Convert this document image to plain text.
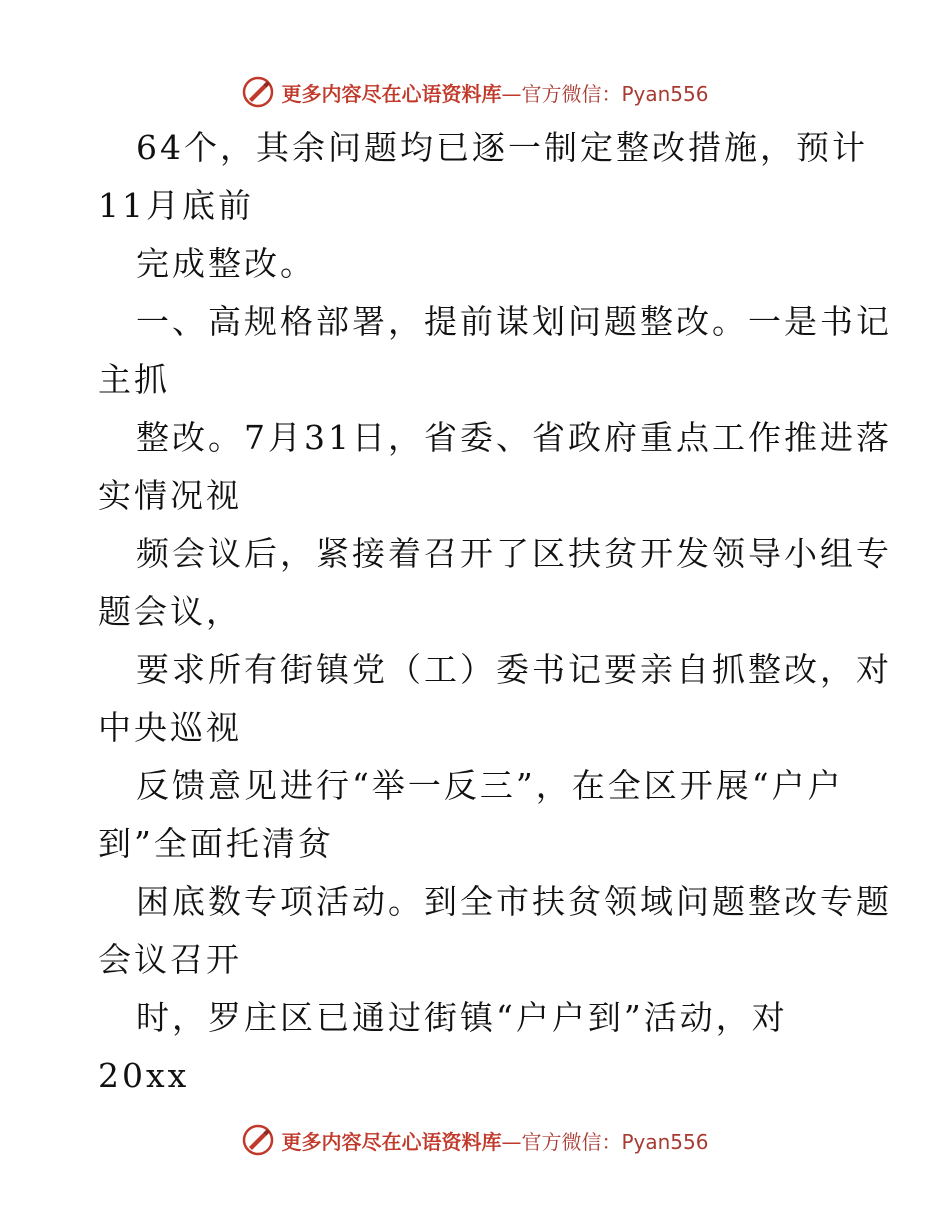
更多内容尽在心语资料库—官方微信：Pyan556
64个，其余问题均已逐一制定整改措施，预计
11月底前
完成整改。
一、高规格部署，提前谋划问题整改。一是书记
主抓
整改。7月31日，省委、省政府重点工作推进落
实情况视
频会议后，紧接着召开了区扶贫开发领导小组专
题会议，
要求所有街镇党（工）委书记要亲自抓整改，对
中央巡视
反馈意见进行“举一反三”，在全区开展“户户
到”全面托清贫
困底数专项活动。到全市扶贫领域问题整改专题
会议召开
时，罗庄区已通过街镇“户户到”活动，对
20xx
更多内容尽在心语资料库—官方微信：Pyan556
